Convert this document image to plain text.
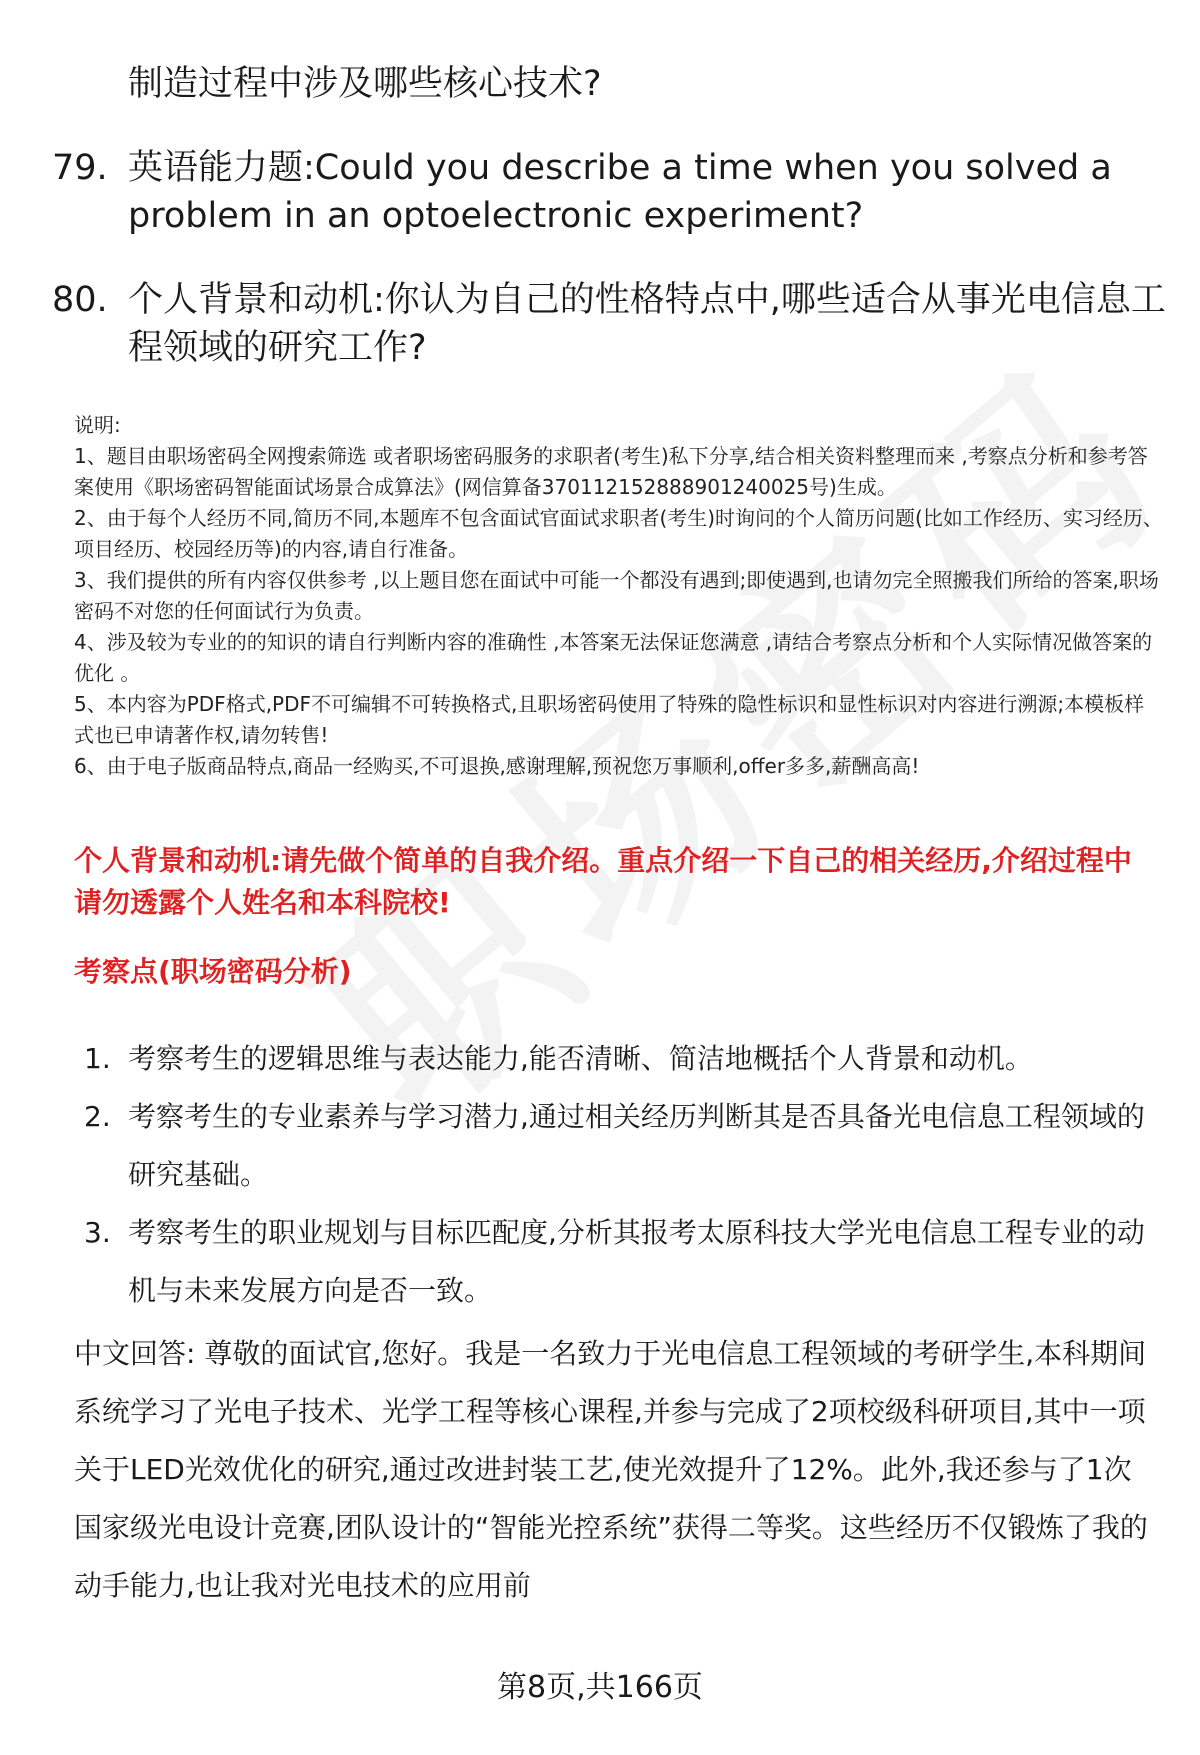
制造过程中涉及哪些核心技术?
79. 英语能力题:Could you describe a time when you solved a problem in an optoelectronic experiment?
80. 个人背景和动机:你认为自己的性格特点中,哪些适合从事光电信息工程领域的研究工作?
说明:
1、题目由职场密码全网搜索筛选 或者职场密码服务的求职者(考生)私下分享,结合相关资料整理而来 ,考察点分析和参考答案使用《职场密码智能面试场景合成算法》(网信算备370112152888901240025号)生成。
2、由于每个人经历不同,简历不同,本题库不包含面试官面试求职者(考生)时询问的个人简历问题(比如工作经历、实习经历、项目经历、校园经历等)的内容,请自行准备。
3、我们提供的所有内容仅供参考 ,以上题目您在面试中可能一个都没有遇到;即使遇到,也请勿完全照搬我们所给的答案,职场密码不对您的任何面试行为负责。
4、涉及较为专业的的知识的请自行判断内容的准确性 ,本答案无法保证您满意 ,请结合考察点分析和个人实际情况做答案的优化 。
5、本内容为PDF格式,PDF不可编辑不可转换格式,且职场密码使用了特殊的隐性标识和显性标识对内容进行溯源;本模板样式也已申请著作权,请勿转售!
6、由于电子版商品特点,商品一经购买,不可退换,感谢理解,预祝您万事顺利,offer多多,薪酬高高!
个人背景和动机:请先做个简单的自我介绍。重点介绍一下自己的相关经历,介绍过程中请勿透露个人姓名和本科院校!
考察点(职场密码分析)
1. 考察考生的逻辑思维与表达能力,能否清晰、简洁地概括个人背景和动机。
2. 考察考生的专业素养与学习潜力,通过相关经历判断其是否具备光电信息工程领域的研究基础。
3. 考察考生的职业规划与目标匹配度,分析其报考太原科技大学光电信息工程专业的动机与未来发展方向是否一致。
中文回答: 尊敬的面试官,您好。我是一名致力于光电信息工程领域的考研学生,本科期间系统学习了光电子技术、光学工程等核心课程,并参与完成了2项校级科研项目,其中一项关于LED光效优化的研究,通过改进封装工艺,使光效提升了12%。此外,我还参与了1次国家级光电设计竞赛,团队设计的“智能光控系统”获得二等奖。这些经历不仅锻炼了我的动手能力,也让我对光电技术的应用前
第8页,共166页
